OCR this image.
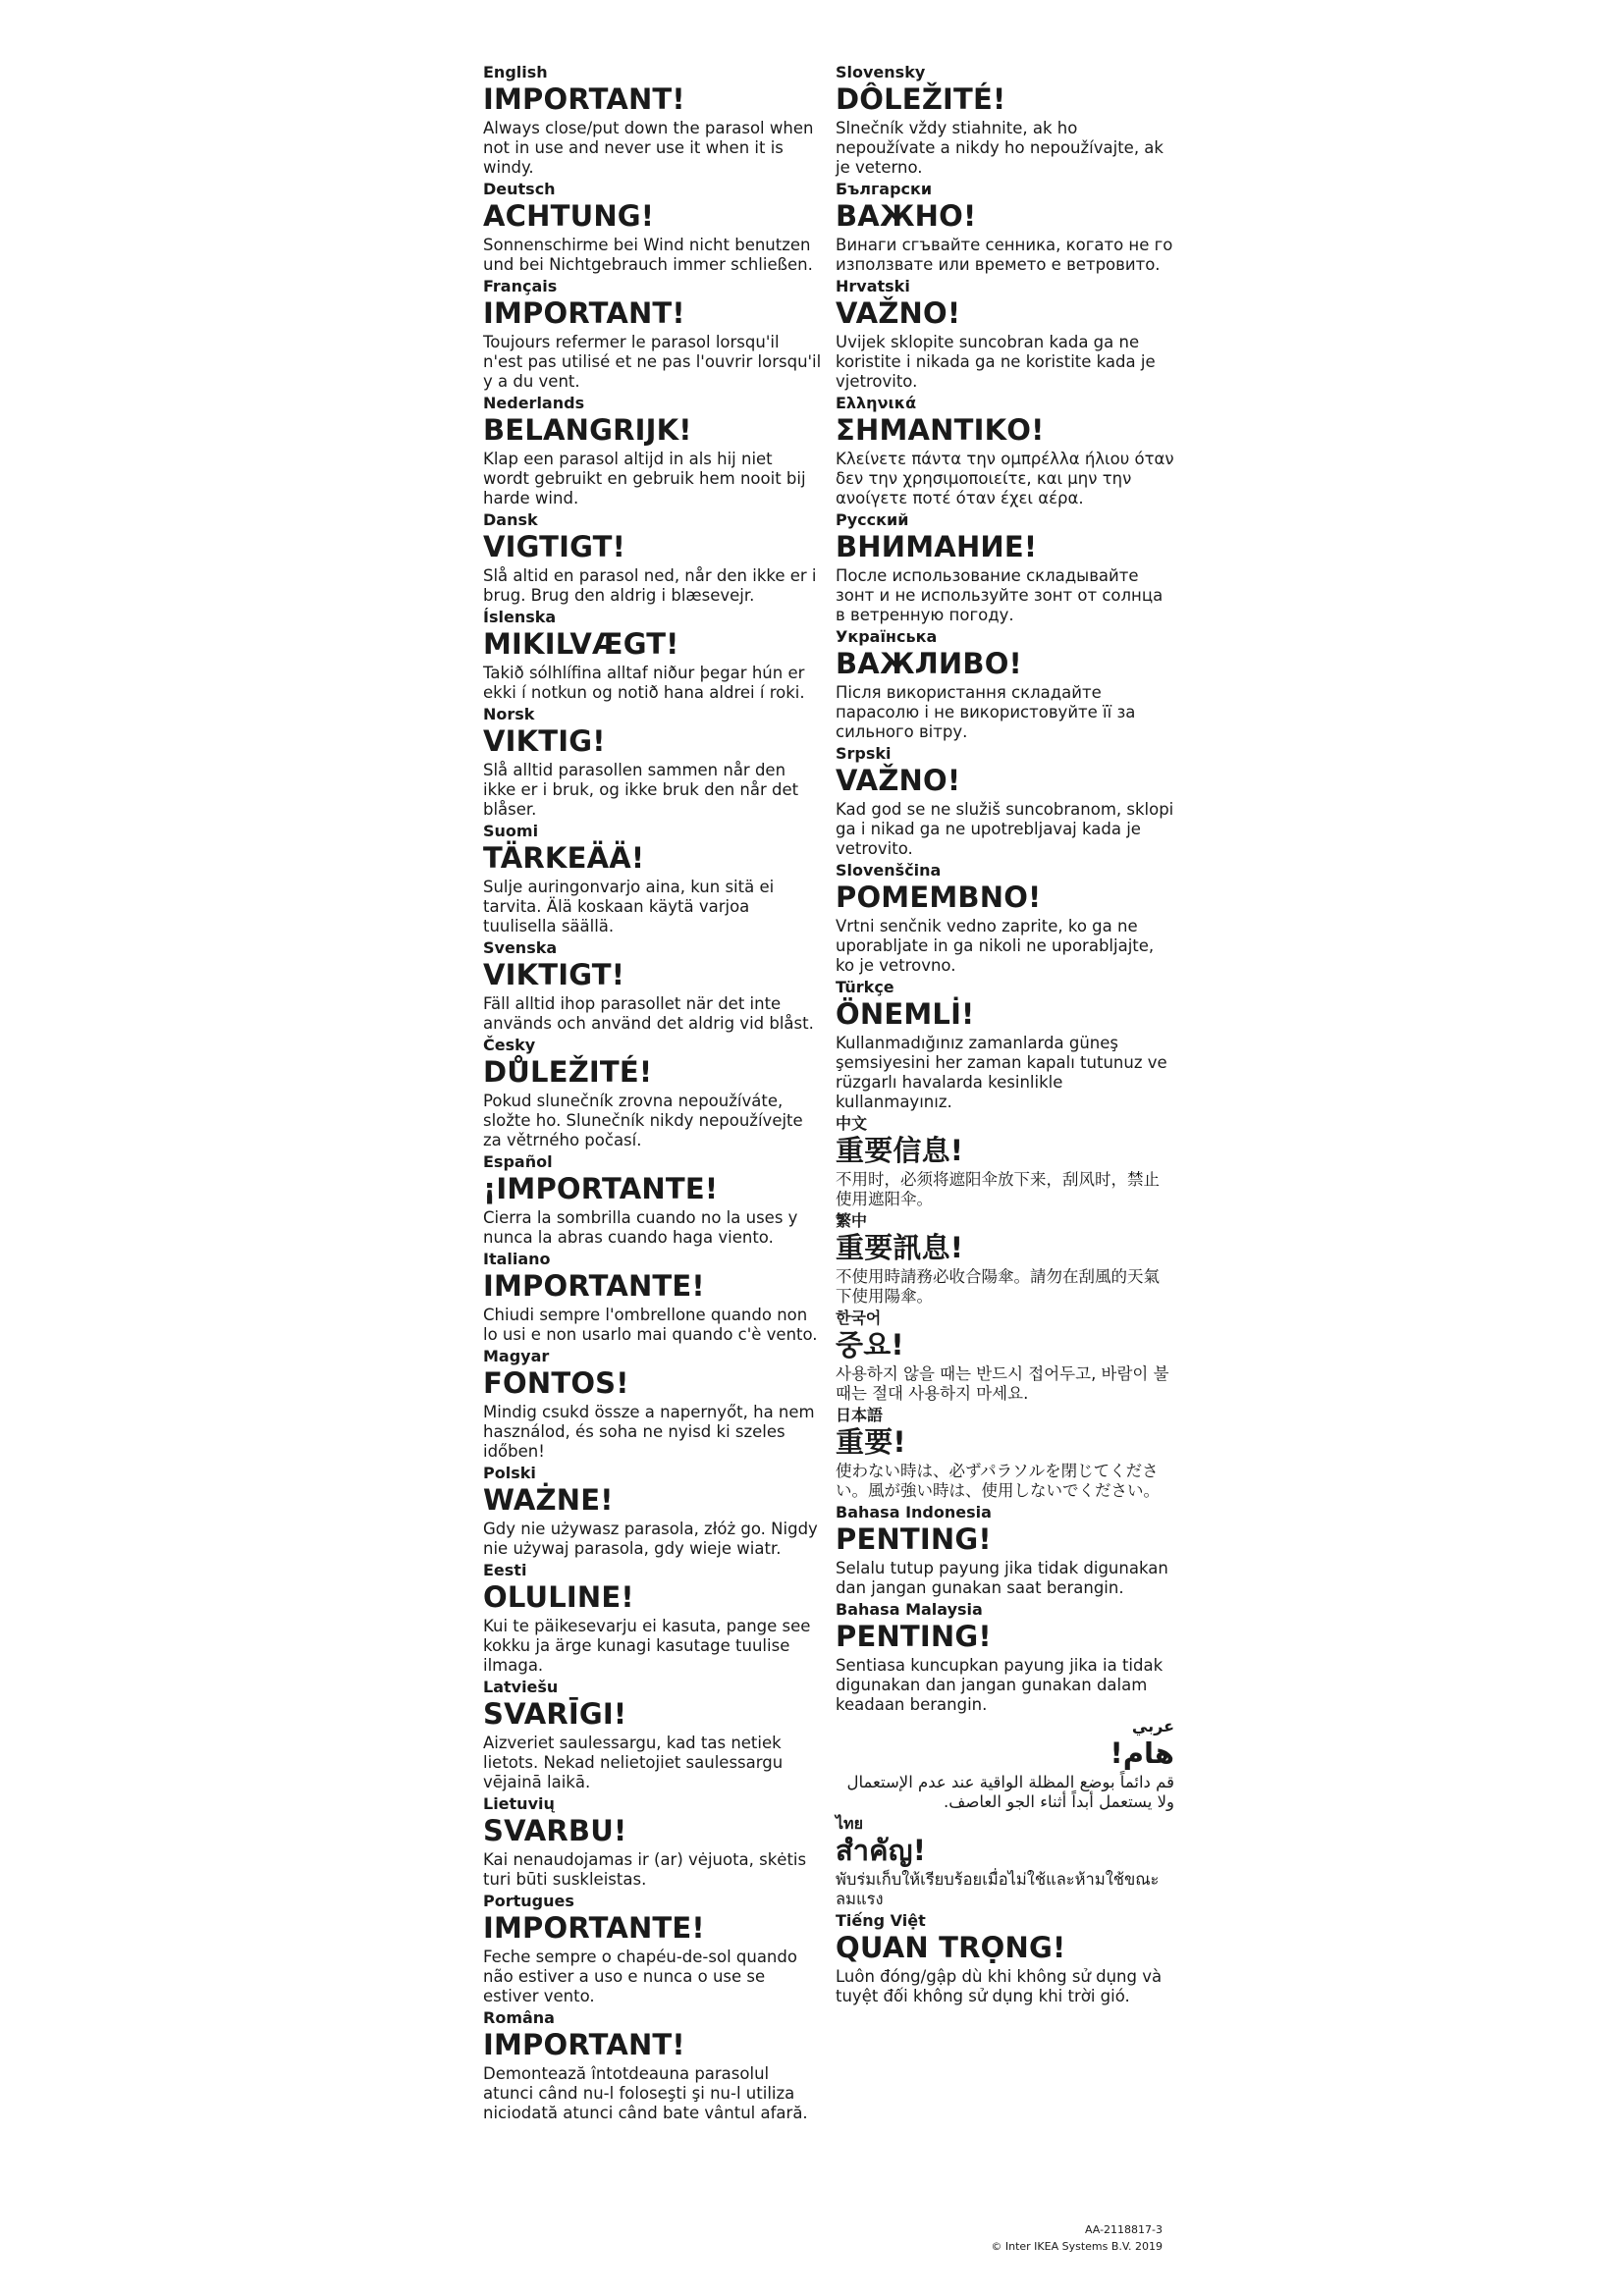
English
IMPORTANT!
Always close/put down the parasol when not in use and never use it when it is windy.
Deutsch
ACHTUNG!
Sonnenschirme bei Wind nicht benutzen und bei Nichtgebrauch immer schließen.
Français
IMPORTANT!
Toujours refermer le parasol lorsqu'il n'est pas utilisé et ne pas l'ouvrir lorsqu'il y a du vent.
Nederlands
BELANGRIJK!
Klap een parasol altijd in als hij niet wordt gebruikt en gebruik hem nooit bij harde wind.
Dansk
VIGTIGT!
Slå altid en parasol ned, når den ikke er i brug. Brug den aldrig i blæsevejr.
Íslenska
MIKILVÆGT!
Takið sólhlífina alltaf niður þegar hún er ekki í notkun og notið hana aldrei í roki.
Norsk
VIKTIG!
Slå alltid parasollen sammen når den ikke er i bruk, og ikke bruk den når det blåser.
Suomi
TÄRKEÄÄ!
Sulje auringonvarjo aina, kun sitä ei tarvita. Älä koskaan käytä varjoa tuulisella säällä.
Svenska
VIKTIGT!
Fäll alltid ihop parasollet när det inte används och använd det aldrig vid blåst.
Česky
DŮLEŽITÉ!
Pokud slunečník zrovna nepoužíváte, složte ho. Slunečník nikdy nepoužívejte za větrného počasí.
Español
¡IMPORTANTE!
Cierra la sombrilla cuando no la uses y nunca la abras cuando haga viento.
Italiano
IMPORTANTE!
Chiudi sempre l'ombrellone quando non lo usi e non usarlo mai quando c'è vento.
Magyar
FONTOS!
Mindig csukd össze a napernyőt, ha nem használod, és soha ne nyisd ki szeles időben!
Polski
WAŻNE!
Gdy nie używasz parasola, złóż go. Nigdy nie używaj parasola, gdy wieje wiatr.
Eesti
OLULINE!
Kui te päikesevarju ei kasuta, pange see kokku ja ärge kunagi kasutage tuulise ilmaga.
Latviešu
SVARĪGI!
Aizveriet saulessargu, kad tas netiek lietots. Nekad nelietojiet saulessargu vējainā laikā.
Lietuvių
SVARBU!
Kai nenaudojamas ir (ar) vėjuota, skėtis turi būti suskleistas.
Portugues
IMPORTANTE!
Feche sempre o chapéu-de-sol quando não estiver a uso e nunca o use se estiver vento.
Româna
IMPORTANT!
Demontează întotdeauna parasolul atunci când nu-l foloseşti şi nu-l utiliza niciodată atunci când bate vântul afară.
Slovensky
DÔLEŽITÉ!
Slnečník vždy stiahnite, ak ho nepoužívate a nikdy ho nepoužívajte, ak je veterno.
Български
ВАЖНО!
Винаги сгъвайте сенника, когато не го използвате или времето е ветровито.
Hrvatski
VAŽNO!
Uvijek sklopite suncobran kada ga ne koristite i nikada ga ne koristite kada je vjetrovito.
Ελληνικά
ΣΗΜΑΝΤΙΚΟ!
Κλείνετε πάντα την ομπρέλλα ήλιου όταν δεν την χρησιμοποιείτε, και μην την ανοίγετε ποτέ όταν έχει αέρα.
Русский
ВНИМАНИЕ!
После использование складывайте зонт и не используйте зонт от солнца в ветренную погоду.
Українська
ВАЖЛИВО!
Після використання складайте парасолю і не використовуйте її за сильного вітру.
Srpski
VAŽNO!
Kad god se ne služiš suncobranom, sklopi ga i nikad ga ne upotrebljavaj kada je vetrovito.
Slovenščina
POMEMBNO!
Vrtni senčnik vedno zaprite, ko ga ne uporabljate in ga nikoli ne uporabljajte, ko je vetrovno.
Türkçe
ÖNEMLİ!
Kullanmadığınız zamanlarda güneş şemsiyesini her zaman kapalı tutunuz ve rüzgarlı havalarda kesinlikle kullanmayınız.
中文
重要信息!
不用时，必须将遮阳伞放下来，刮风时，禁止使用遮阳伞。
繁中
重要訊息!
不使用時請務必收合陽傘。請勿在刮風的天氣下使用陽傘。
한국어
중요!
사용하지 않을 때는 반드시 접어두고, 바람이 불 때는 절대 사용하지 마세요.
日本語
重要!
使わない時は、必ずパラソルを閉じてください。風が強い時は、使用しないでください。
Bahasa Indonesia
PENTING!
Selalu tutup payung jika tidak digunakan dan jangan gunakan saat berangin.
Bahasa Malaysia
PENTING!
Sentiasa kuncupkan payung jika ia tidak digunakan dan jangan gunakan dalam keadaan berangin.
عربي
هام!
قم دائماً بوضع المظلة الواقية عند عدم الإستعمال ولا يستعمل أبداً أثناء الجو العاصف.
ไทย
สำคัญ!
พับร่มเก็บให้เรียบร้อยเมื่อไม่ใช้และห้ามใช้ขณะลมแรง
Tiếng Việt
QUAN TRỌNG!
Luôn đóng/gập dù khi không sử dụng và tuyệt đối không sử dụng khi trời gió.
AA-2118817-3
© Inter IKEA Systems B.V. 2019
